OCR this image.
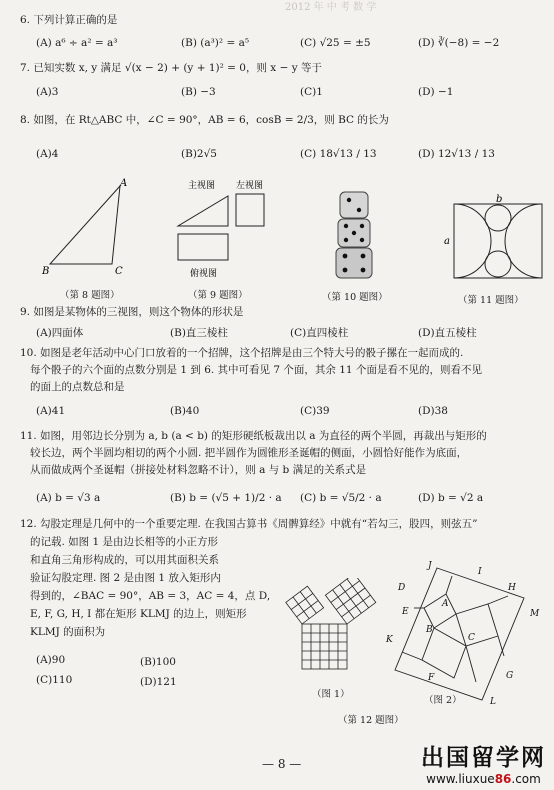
2012 年 中 考 数 学
6. 下列计算正确的是
(A) a⁶ ÷ a² = a³	(B) (a³)² = a⁵	(C) √25 = ±5	(D) ∛(−8) = −2
7. 已知实数 x, y 满足 √(x − 2) + (y + 1)² = 0，则 x − y 等于
(A)3	(B) −3	(C)1	(D) −1
8. 如图，在 Rt△ABC 中，∠C = 90°，AB = 6，cosB = 2/3，则 BC 的长为
(A)4	(B)2√5	(C) 18√13 / 13	(D) 12√13 / 13
A
B	C
（第 8 题图）
主视图 左视图
俯视图
（第 9 题图）	（第 10 题图）
b
a
（第 11 题图）
9. 如图是某物体的三视图，则这个物体的形状是
(A)四面体	(B)直三棱柱	(C)直四棱柱	(D)直五棱柱
10. 如图是老年活动中心门口放着的一个招牌，这个招牌是由三个特大号的骰子摞在一起而成的.
每个骰子的六个面的点数分别是 1 到 6. 其中可看见 7 个面，其余 11 个面是看不见的，则看不见
的面上的点数总和是
(A)41	(B)40	(C)39	(D)38
11. 如图，用邻边长分别为 a, b (a < b) 的矩形硬纸板裁出以 a 为直径的两个半圆，再裁出与矩形的
较长边，两个半圆均相切的两个小圆. 把半圆作为圆锥形圣诞帽的侧面，小圆恰好能作为底面，
从而做成两个圣诞帽（拼接处材料忽略不计），则 a 与 b 满足的关系式是
(A) b = √3 a	(B) b = (√5 + 1)/2 · a (C) b = √5/2 · a	(D) b = √2 a
12. 勾股定理是几何中的一个重要定理. 在我国古算书《周髀算经》中就有“若勾三，股四，则弦五”
的记载. 如图 1 是由边长相等的小正方形
和直角三角形构成的，可以用其面积关系
验证勾股定理. 图 2 是由图 1 放入矩形内
得到的，∠BAC = 90°，AB = 3，AC = 4，点 D,
E, F, G, H, I 都在矩形 KLMJ 的边上，则矩形
KLMJ 的面积为
(A)90	(B)100
(C)110	(D)121
（图 1）
J
I
D	H
A
E	M
B
C
K
F	G
L
（图 2）
（第 12 题图）
— 8 —	出国留学网
www.liuxue86.com
